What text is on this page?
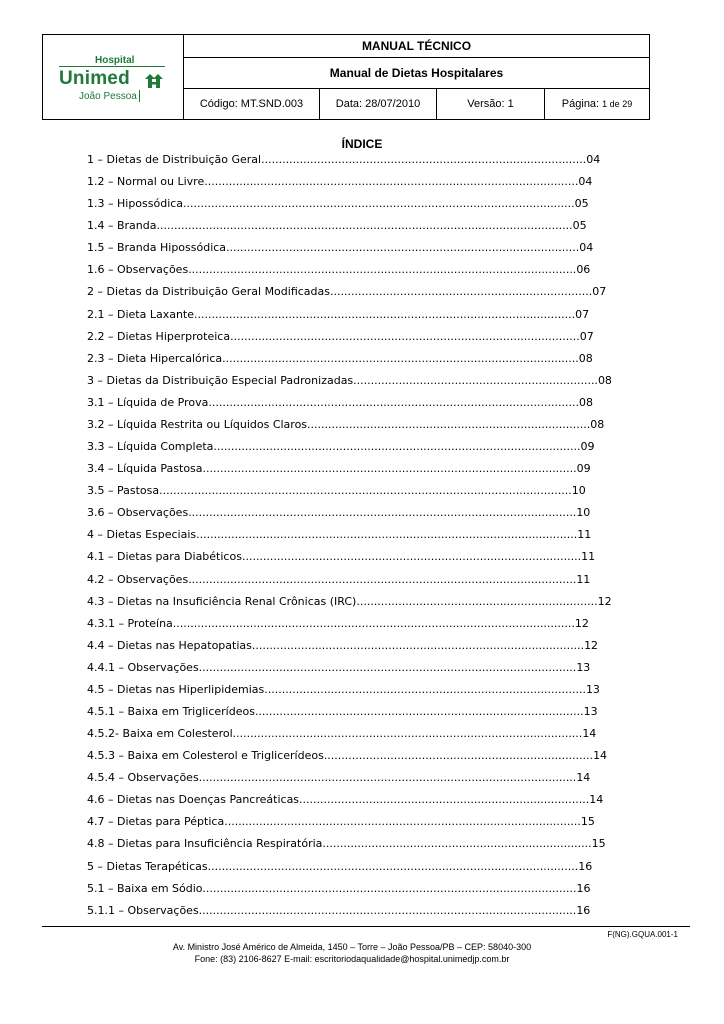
Hospital
Unimed
João Pessoa
MANUAL TÉCNICO
Manual de Dietas Hospitalares
Código: MT.SND.003	Data: 28/07/2010	Versão: 1	Página: 1 de 29
ÍNDICE
1 – Dietas de Distribuição Geral.............................................................................................04
1.2 – Normal ou Livre...........................................................................................................04
1.3 – Hipossódica................................................................................................................05
1.4 – Branda.......................................................................................................................05
1.5 – Branda Hipossódica.....................................................................................................04
1.6 – Observações...............................................................................................................06
2 – Dietas da Distribuição Geral Modificadas...........................................................................07
2.1 – Dieta Laxante.............................................................................................................07
2.2 – Dietas Hiperproteica....................................................................................................07
2.3 – Dieta Hipercalórica......................................................................................................08
3 – Dietas da Distribuição Especial Padronizadas......................................................................08
3.1 – Líquida de Prova..........................................................................................................08
3.2 – Líquida Restrita ou Líquidos Claros.................................................................................08
3.3 – Líquida Completa.........................................................................................................09
3.4 – Líquida Pastosa...........................................................................................................09
3.5 – Pastosa......................................................................................................................10
3.6 – Observações...............................................................................................................10
4 – Dietas Especiais.............................................................................................................11
4.1 – Dietas para Diabéticos.................................................................................................11
4.2 – Observações...............................................................................................................11
4.3 – Dietas na Insuficiência Renal Crônicas (IRC).....................................................................12
4.3.1 – Proteína...................................................................................................................12
4.4 – Dietas nas Hepatopatias...............................................................................................12
4.4.1 – Observações............................................................................................................13
4.5 – Dietas nas Hiperlipidemias............................................................................................13
4.5.1 – Baixa em Triglicerídeos..............................................................................................13
4.5.2- Baixa em Colesterol....................................................................................................14
4.5.3 – Baixa em Colesterol e Triglicerídeos.............................................................................14
4.5.4 – Observações............................................................................................................14
4.6 – Dietas nas Doenças Pancreáticas...................................................................................14
4.7 – Dietas para Péptica......................................................................................................15
4.8 – Dietas para Insuficiência Respiratória.............................................................................15
5 – Dietas Terapéticas..........................................................................................................16
5.1 – Baixa em Sódio...........................................................................................................16
5.1.1 – Observações............................................................................................................16
F(NG).GQUA.001-1
Av. Ministro José Américo de Almeida, 1450 – Torre – João Pessoa/PB – CEP: 58040-300
Fone: (83) 2106-8627 E-mail: escritoriodaqualidade@hospital.unimedjp.com.br
